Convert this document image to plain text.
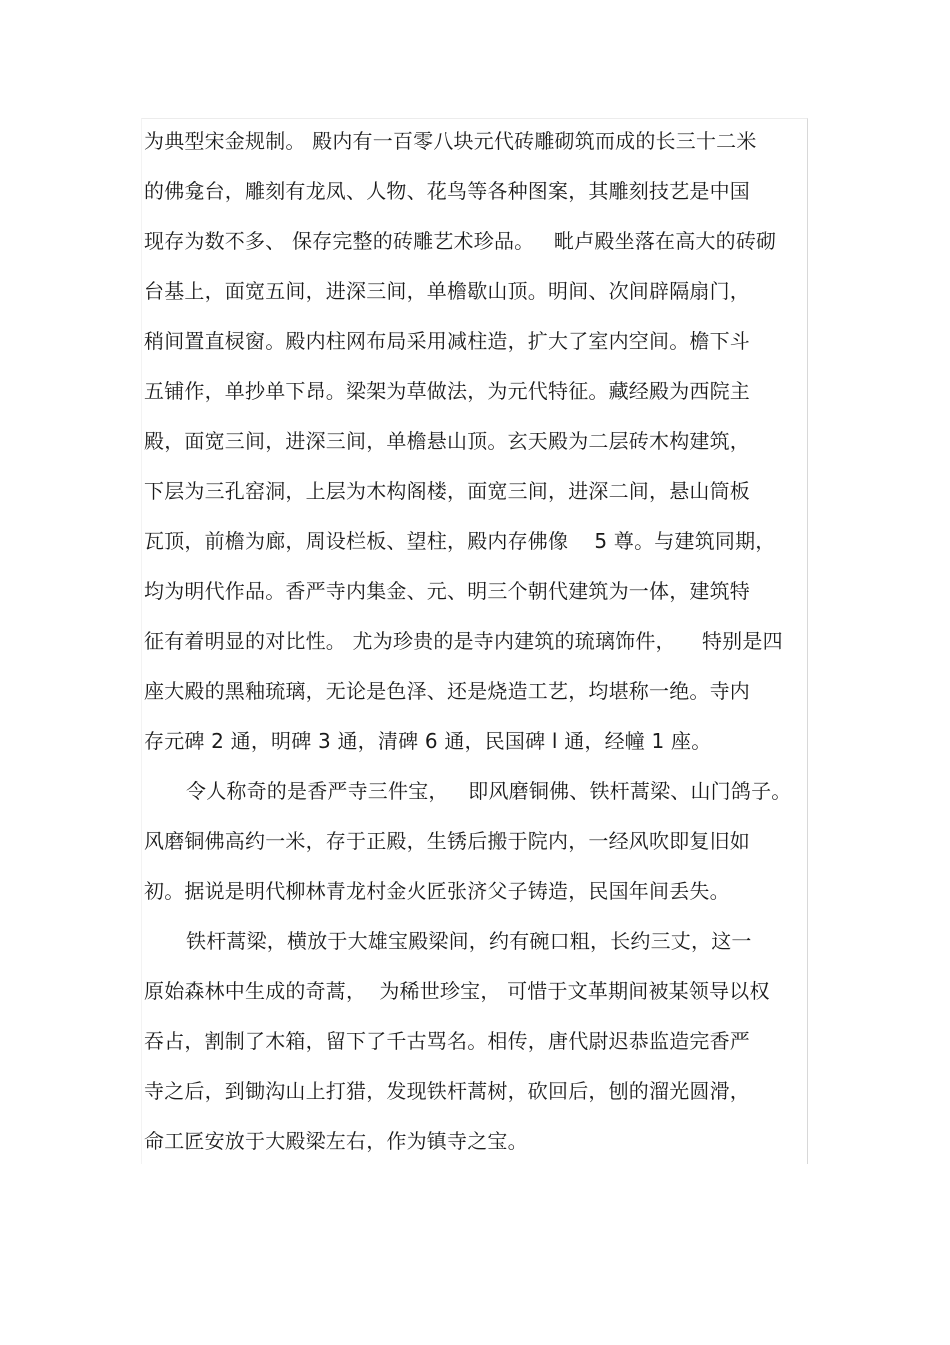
为典型宋金规制。 殿内有一百零八块元代砖雕砌筑而成的长三十二米
的佛龛台，雕刻有龙凤、人物、花鸟等各种图案，其雕刻技艺是中国
现存为数不多、 保存完整的砖雕艺术珍品。   毗卢殿坐落在高大的砖砌
台基上，面宽五间，进深三间，单檐歇山顶。明间、次间辟隔扇门，
稍间置直棂窗。殿内柱网布局采用减柱造，扩大了室内空间。檐下斗
五铺作，单抄单下昂。梁架为草做法，为元代特征。藏经殿为西院主
殿，面宽三间，进深三间，单檐悬山顶。玄天殿为二层砖木构建筑，
下层为三孔窑洞，上层为木构阁楼，面宽三间，进深二间，悬山筒板
瓦顶，前檐为廊，周设栏板、望柱，殿内存佛像    5 尊。与建筑同期，
均为明代作品。香严寺内集金、元、明三个朝代建筑为一体，建筑特
征有着明显的对比性。 尤为珍贵的是寺内建筑的琉璃饰件，    特别是四
座大殿的黑釉琉璃，无论是色泽、还是烧造工艺，均堪称一绝。寺内
存元碑 2 通，明碑 3 通，清碑 6 通，民国碑 l 通，经幢 1 座。
令人称奇的是香严寺三件宝，   即风磨铜佛、铁杆蒿梁、山门鸽子。
风磨铜佛高约一米，存于正殿，生锈后搬于院内，一经风吹即复旧如
初。据说是明代柳林青龙村金火匠张济父子铸造，民国年间丢失。
铁杆蒿梁，横放于大雄宝殿梁间，约有碗口粗，长约三丈，这一
原始森林中生成的奇蒿，  为稀世珍宝， 可惜于文革期间被某领导以权
吞占，割制了木箱，留下了千古骂名。相传，唐代尉迟恭监造完香严
寺之后，到锄沟山上打猎，发现铁杆蒿树，砍回后，刨的溜光圆滑，
命工匠安放于大殿梁左右，作为镇寺之宝。
